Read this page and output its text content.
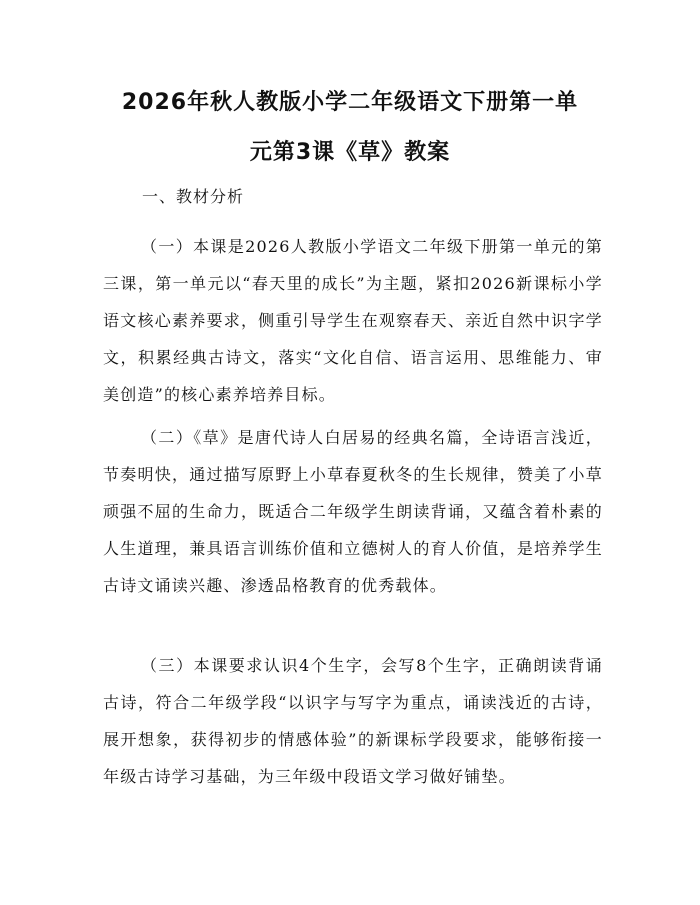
2026年秋人教版小学二年级语文下册第一单
元第3课《草》教案
一、教材分析
（一）本课是2026人教版小学语文二年级下册第一单元的第三课，第一单元以“春天里的成长”为主题，紧扣2026新课标小学语文核心素养要求，侧重引导学生在观察春天、亲近自然中识字学文，积累经典古诗文，落实“文化自信、语言运用、思维能力、审美创造”的核心素养培养目标。
（二）《草》是唐代诗人白居易的经典名篇，全诗语言浅近，节奏明快，通过描写原野上小草春夏秋冬的生长规律，赞美了小草顽强不屈的生命力，既适合二年级学生朗读背诵，又蕴含着朴素的人生道理，兼具语言训练价值和立德树人的育人价值，是培养学生古诗文诵读兴趣、渗透品格教育的优秀载体。
（三）本课要求认识4个生字，会写8个生字，正确朗读背诵古诗，符合二年级学段“以识字与写字为重点，诵读浅近的古诗，展开想象，获得初步的情感体验”的新课标学段要求，能够衔接一年级古诗学习基础，为三年级中段语文学习做好铺垫。
